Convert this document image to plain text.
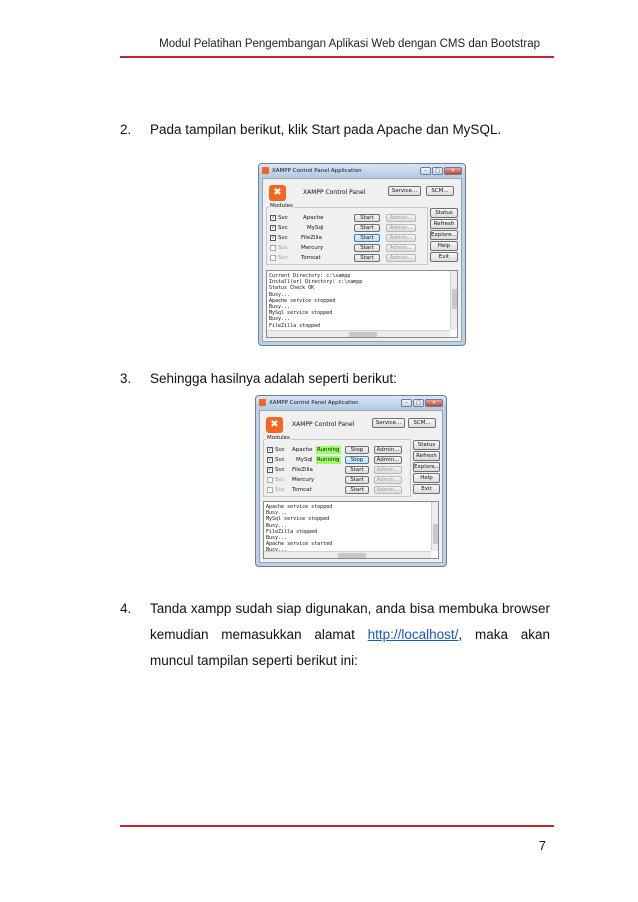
Modul Pelatihan Pengembangan Aplikasi Web dengan CMS dan Bootstrap
2.	Pada tampilan berikut, klik Start pada Apache dan MySQL.
XAMPP Control Panel Application	–	□	✕
✖	XAMPP Control Panel	Service...	SCM...
Modules
✓ Svc	Apache	Start	Admin...
✓ Svc	MySql	Start	Admin...
✓ Svc FileZilla	Start	Admin...
Svc Mercury	Start	Admin...
Svc Tomcat	Start	Admin...
Status
Refresh
Explore...
Help
Exit
Current Directory: c:\xampp
Install(er) Directory: c:\xampp
Status Check OK
Busy...
Apache service stopped
Busy...
MySql service stopped
Busy...
FileZilla stopped
3.	Sehingga hasilnya adalah seperti berikut:
XAMPP Control Panel Application	–	□	✕
✖	XAMPP Control Panel	Service...	SCM...
Modules
✓ Svc Apache Running	Stop	Admin...
✓ Svc MySql Running	Stop	Admin...
✓ Svc FileZilla	Start	Admin...
Svc Mercury	Start	Admin...
Svc Tomcat	Start	Admin...
Status
Refresh
Explore...
Help
Exit
Apache service stopped
Busy...
MySql service stopped
Busy...
FileZilla stopped
Busy...
Apache service started

4.	Tanda xampp sudah siap digunakan, anda bisa membuka browser kemudian memasukkan alamat http://localhost/, maka akan muncul tampilan seperti berikut ini:
7
